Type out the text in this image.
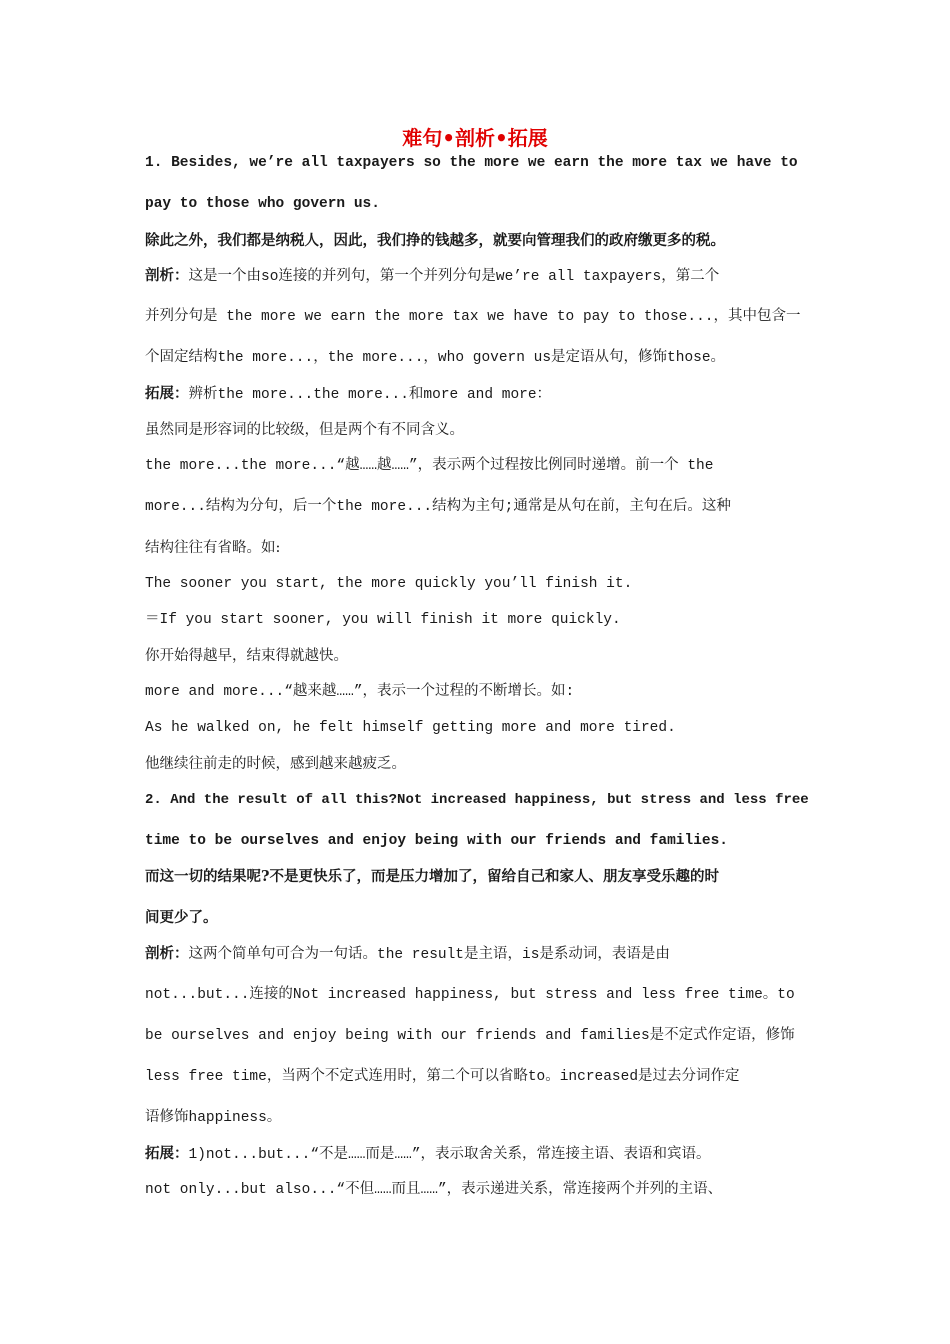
难句•剖析•拓展
1. Besides, we’re all taxpayers so the more we earn the more tax we have to
pay to those who govern us.
除此之外，我们都是纳税人，因此，我们挣的钱越多，就要向管理我们的政府缴更多的税。
剖析：这是一个由so连接的并列句，第一个并列分句是we’re all taxpayers，第二个
并列分句是 the more we earn the more tax we have to pay to those...，其中包含一
个固定结构the more...，the more...，who govern us是定语从句，修饰those。
拓展：辨析the more...the more...和more and more：
虽然同是形容词的比较级，但是两个有不同含义。
the more...the more...“越……越……”，表示两个过程按比例同时递增。前一个 the
more...结构为分句，后一个the more...结构为主句;通常是从句在前，主句在后。这种
结构往往有省略。如:
The sooner you start, the more quickly you’ll finish it.
＝If you start sooner, you will finish it more quickly.
你开始得越早，结束得就越快。
more and more...“越来越……”，表示一个过程的不断增长。如:
As he walked on, he felt himself getting more and more tired.
他继续往前走的时候，感到越来越疲乏。
2. And the result of all this?Not increased happiness, but stress and less free
time to be ourselves and enjoy being with our friends and families.
而这一切的结果呢?不是更快乐了，而是压力增加了，留给自己和家人、朋友享受乐趣的时
间更少了。
剖析：这两个简单句可合为一句话。the result是主语，is是系动词，表语是由
not...but...连接的Not increased happiness, but stress and less free time。to
be ourselves and enjoy being with our friends and families是不定式作定语，修饰
less free time，当两个不定式连用时，第二个可以省略to。increased是过去分词作定
语修饰happiness。
拓展：1)not...but...“不是……而是……”，表示取舍关系，常连接主语、表语和宾语。
not only...but also...“不但……而且……”，表示递进关系，常连接两个并列的主语、
